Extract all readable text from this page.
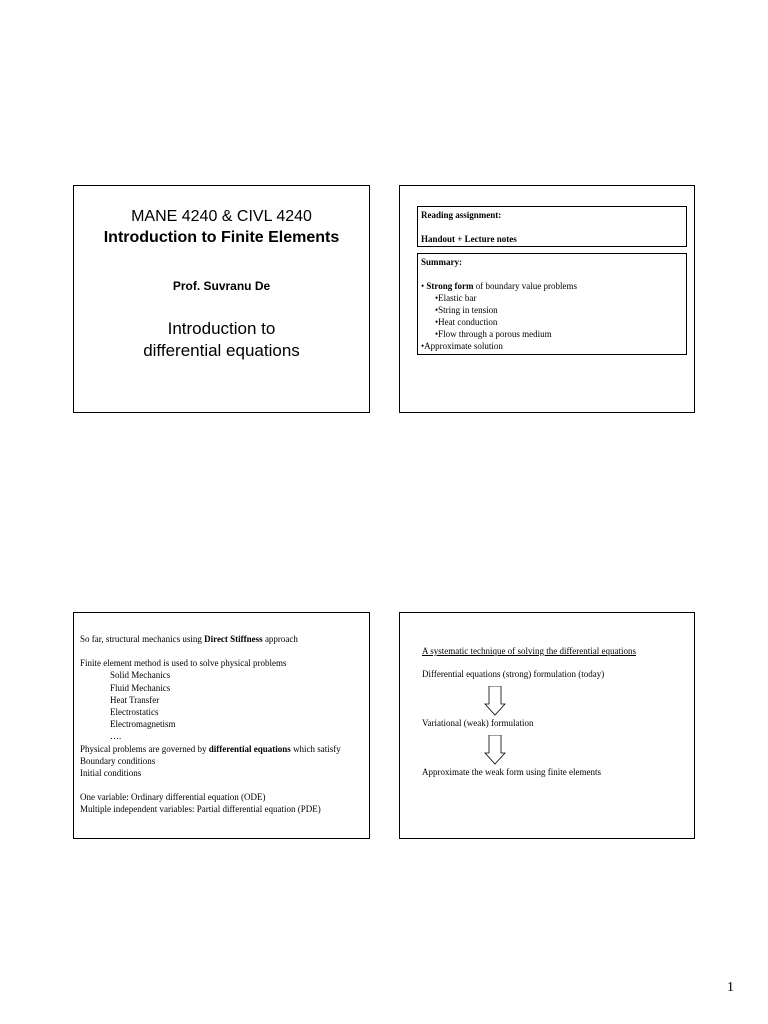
MANE 4240 & CIVL 4240
Introduction to Finite Elements
Prof. Suvranu De
Introduction to
differential equations
Reading assignment:
Handout + Lecture notes
Summary:
• Strong form of boundary value problems
•Elastic bar
•String in tension
•Heat conduction
•Flow through a porous medium
•Approximate solution
So far, structural mechanics using Direct Stiffness approach
Finite element method is used to solve physical problems
Solid Mechanics
Fluid Mechanics
Heat Transfer
Electrostatics
Electromagnetism
….
Physical problems are governed by differential equations which satisfy
Boundary conditions
Initial conditions
One variable: Ordinary differential equation (ODE)
Multiple independent variables: Partial differential equation (PDE)
A systematic technique of solving the differential equations
Differential equations (strong) formulation (today)
Variational (weak) formulation
Approximate the weak form using finite elements
1
